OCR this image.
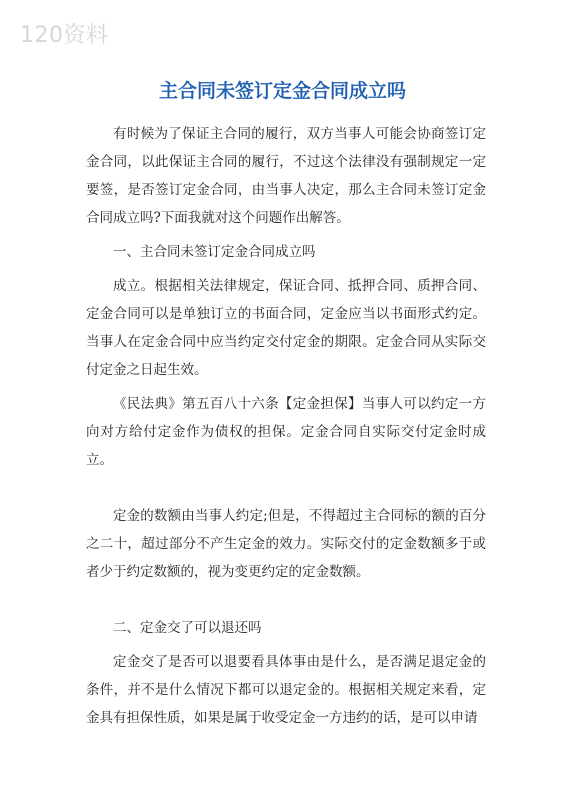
120资料
主合同未签订定金合同成立吗

有时候为了保证主合同的履行，双方当事人可能会协商签订定金合同，以此保证主合同的履行，不过这个法律没有强制规定一定要签，是否签订定金合同，由当事人决定，那么主合同未签订定金合同成立吗?下面我就对这个问题作出解答。

一、主合同未签订定金合同成立吗

成立。根据相关法律规定，保证合同、抵押合同、质押合同、定金合同可以是单独订立的书面合同，定金应当以书面形式约定。当事人在定金合同中应当约定交付定金的期限。定金合同从实际交付定金之日起生效。

《民法典》第五百八十六条【定金担保】当事人可以约定一方向对方给付定金作为债权的担保。定金合同自实际交付定金时成立。

定金的数额由当事人约定;但是，不得超过主合同标的额的百分之二十，超过部分不产生定金的效力。实际交付的定金数额多于或者少于约定数额的，视为变更约定的定金数额。

二、定金交了可以退还吗

定金交了是否可以退要看具体事由是什么，是否满足退定金的条件，并不是什么情况下都可以退定金的。根据相关规定来看，定金具有担保性质，如果是属于收受定金一方违约的话，是可以申请
